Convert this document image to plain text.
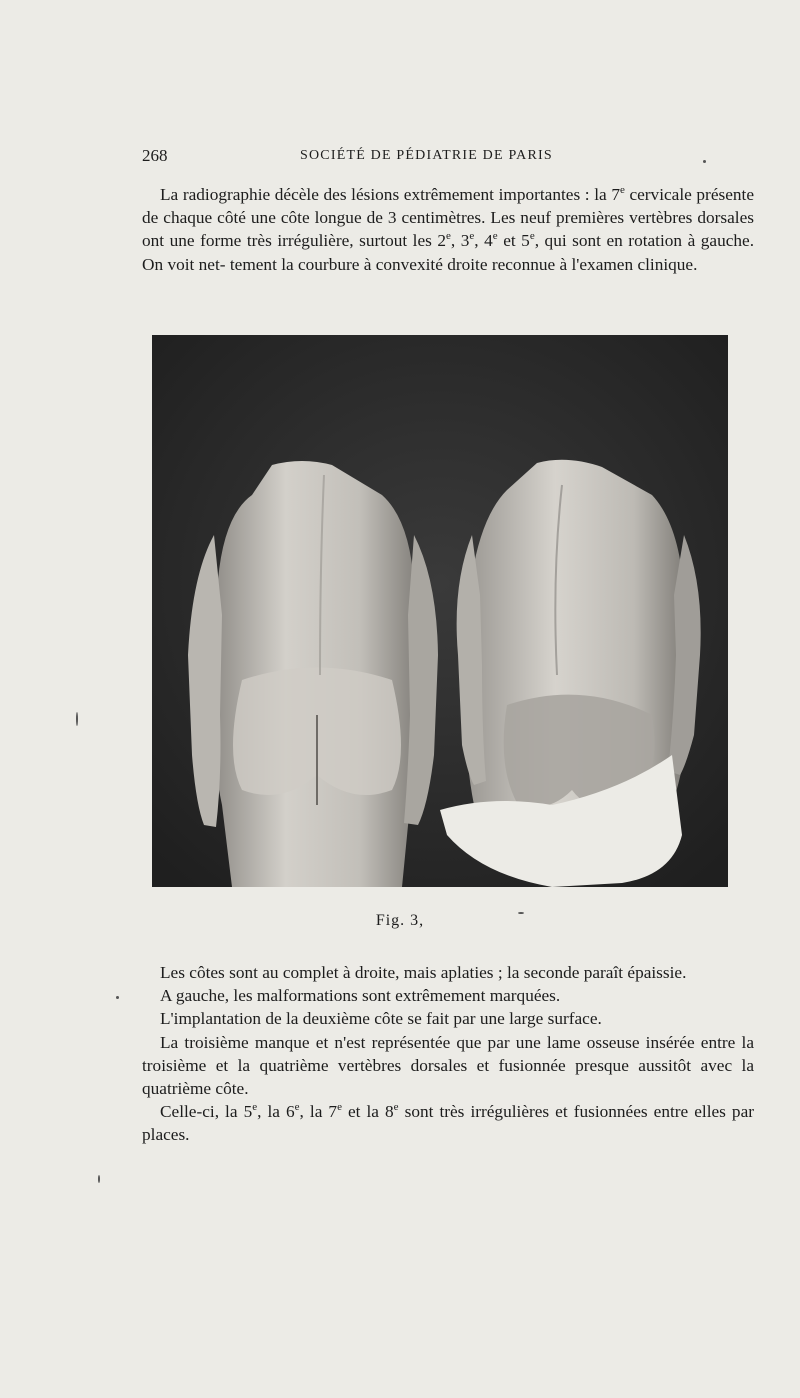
268	SOCIÉTÉ DE PÉDIATRIE DE PARIS

La radiographie décèle des lésions extrêmement importantes : la 7e cervicale présente de chaque côté une côte longue de 3 centimètres. Les neuf premières vertèbres dorsales ont une forme très irrégulière, surtout les 2e, 3e, 4e et 5e, qui sont en rotation à gauche. On voit net- tement la courbure à convexité droite reconnue à l'examen clinique.

Fig. 3,

Les côtes sont au complet à droite, mais aplaties ; la seconde paraît épaissie.

A gauche, les malformations sont extrêmement marquées.

L'implantation de la deuxième côte se fait par une large surface.

La troisième manque et n'est représentée que par une lame osseuse insérée entre la troisième et la quatrième vertèbres dorsales et fusionnée presque aussitôt avec la quatrième côte.

Celle-ci, la 5e, la 6e, la 7e et la 8e sont très irrégulières et fusionnées entre elles par places.
